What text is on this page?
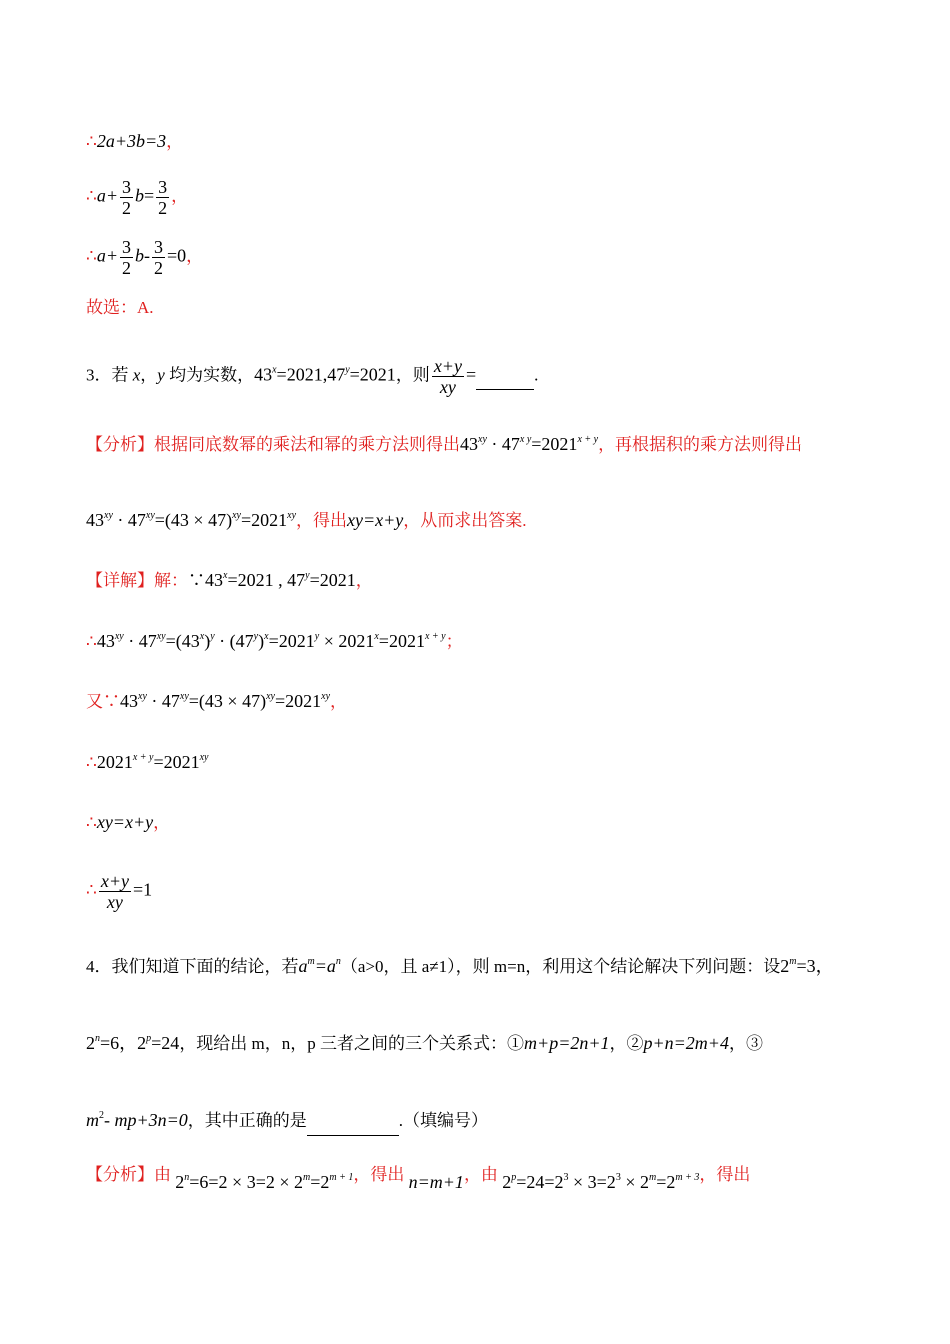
∴2a+3b=3，
∴a+ $\frac{3}{2} b= \frac{3}{2}$ ，
∴a+ $\frac{3}{2} b- \frac{3}{2} =0$，
故选：A.
3．若 x，y 均为实数，$43^x=2021,47^y=2021$，则 $\frac{x+y}{xy}$ =	.
【分析】根据同底数幂的乘法和幂的乘方法则得出$43^{xy} \cdot 47^{x y}=2021^{x + y}$，再根据积的乘方法则得出
$43^{xy} \cdot 47^{xy}=(43 \times 47)^{xy}=2021^{xy}$，得出xy=x+y，从而求出答案.
【详解】解：$\because 43^x=2021$ , $47^y=2021$，
$\therefore 43^{xy} \cdot 47^{xy}=(43^x)^y \cdot (47^y)^x=2021^y \times 2021^x=2021^{x + y}$；
又$\because 43^{xy} \cdot 47^{xy}=(43 \times 47)^{xy}=2021^{xy}$，
$\therefore 2021^{x + y}=2021^{xy}$
∴xy=x+y，
∴ $\frac{x+y}{xy} =1$
4．我们知道下面的结论，若$a^m=a^n(a>0$，且 a≠1），则 m=n，利用这个结论解决下列问题：设$2^m=3$，
$2^n=6$，$2^p=24$，现给出 m，n，p 三者之间的三个关系式：①m+p=2n+1，②p+n=2m+4，③
$m^2-$ mp+3n=0，其中正确的是	.（填编号）
【分析】由 $2^n=6=2 \times 3=2 \times 2^m=2^{m + 1}$，得出 n=m+1，由 $2^p=24=2^3 \times 3=2^3 \times 2^m=2^{m + 3}$，得出
